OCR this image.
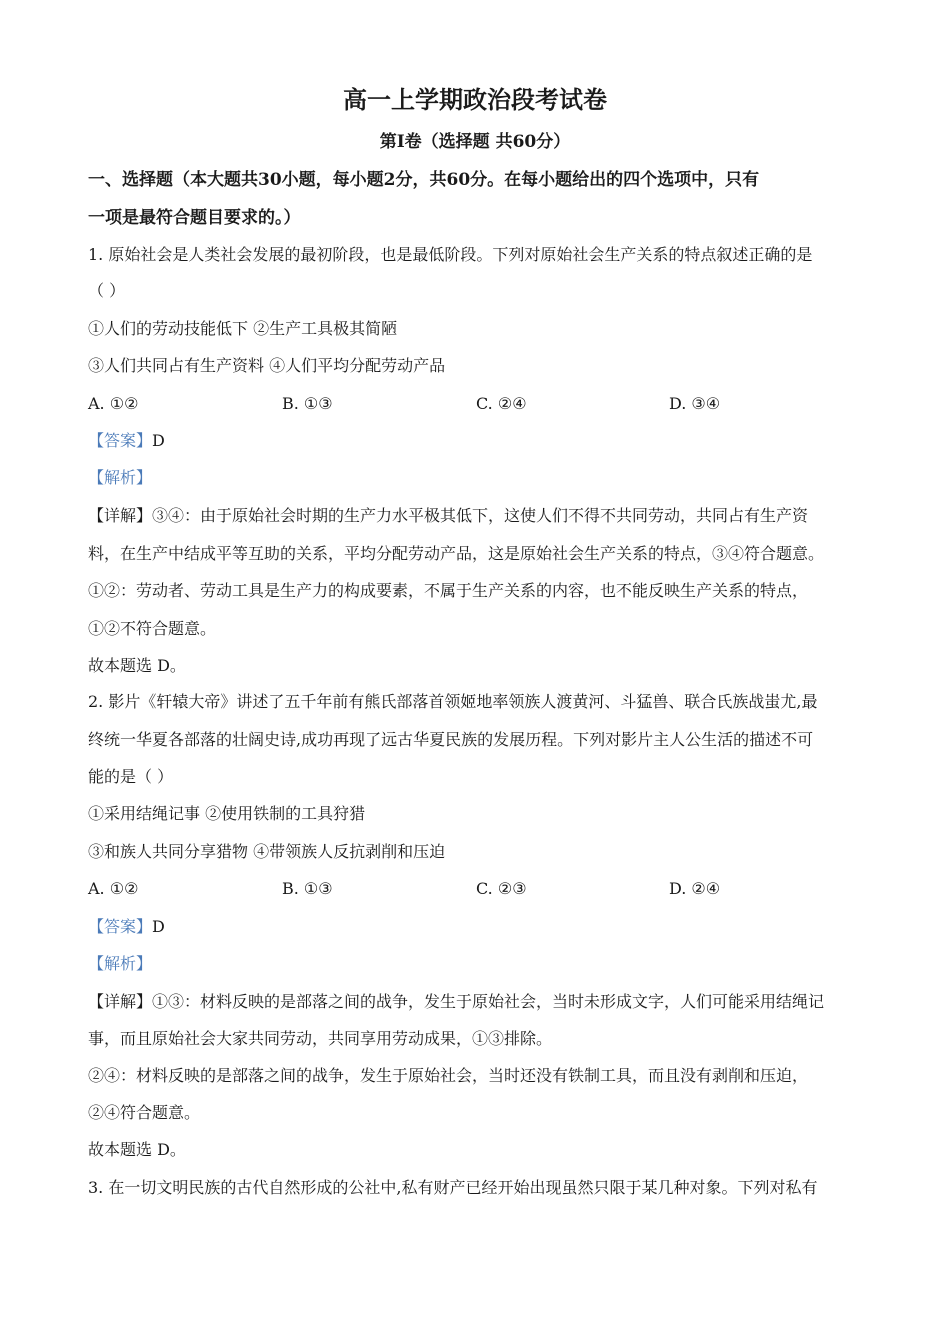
高一上学期政治段考试卷
第Ⅰ卷（选择题 共60分）
一、选择题（本大题共30小题，每小题2分，共60分。在每小题给出的四个选项中，只有
一项是最符合题目要求的。）
1. 原始社会是人类社会发展的最初阶段，也是最低阶段。下列对原始社会生产关系的特点叙述正确的是
（ ）
①人们的劳动技能低下 ②生产工具极其简陋
③人们共同占有生产资料 ④人们平均分配劳动产品
A. ①②	B. ①③	C. ②④	D. ③④
【答案】D
【解析】
【详解】③④：由于原始社会时期的生产力水平极其低下，这使人们不得不共同劳动，共同占有生产资
料，在生产中结成平等互助的关系，平均分配劳动产品，这是原始社会生产关系的特点，③④符合题意。
①②：劳动者、劳动工具是生产力的构成要素，不属于生产关系的内容，也不能反映生产关系的特点，
①②不符合题意。
故本题选 D。
2. 影片《轩辕大帝》讲述了五千年前有熊氏部落首领姬地率领族人渡黄河、斗猛兽、联合氏族战蚩尤,最
终统一华夏各部落的壮阔史诗,成功再现了远古华夏民族的发展历程。下列对影片主人公生活的描述不可
能的是（ ）
①采用结绳记事 ②使用铁制的工具狩猎
③和族人共同分享猎物 ④带领族人反抗剥削和压迫
A. ①②	B. ①③	C. ②③	D. ②④
【答案】D
【解析】
【详解】①③：材料反映的是部落之间的战争，发生于原始社会，当时未形成文字，人们可能采用结绳记
事，而且原始社会大家共同劳动，共同享用劳动成果，①③排除。
②④：材料反映的是部落之间的战争，发生于原始社会，当时还没有铁制工具，而且没有剥削和压迫，
②④符合题意。
故本题选 D。
3. 在一切文明民族的古代自然形成的公社中,私有财产已经开始出现虽然只限于某几种对象。下列对私有
